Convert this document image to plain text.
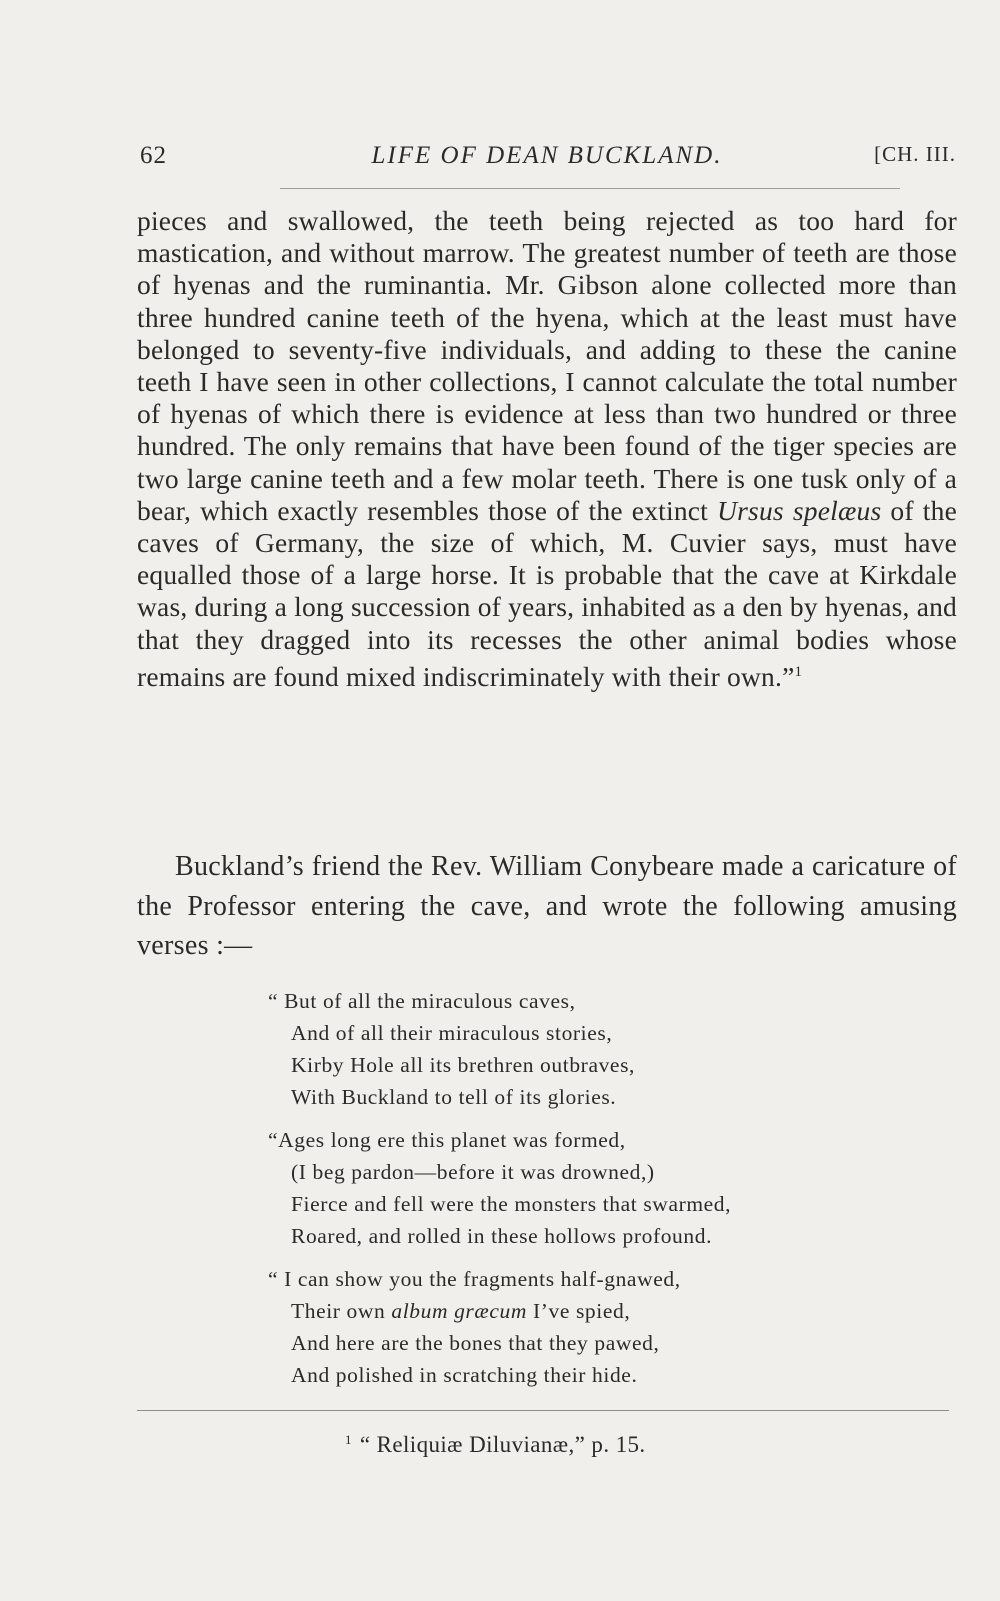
62	LIFE OF DEAN BUCKLAND.	[CH. III.

pieces and swallowed, the teeth being rejected as too hard for mastication, and without marrow. The greatest number of teeth are those of hyenas and the ruminantia. Mr. Gibson alone collected more than three hundred canine teeth of the hyena, which at the least must have belonged to seventy-five individuals, and adding to these the canine teeth I have seen in other collections, I cannot calculate the total number of hyenas of which there is evidence at less than two hundred or three hundred. The only remains that have been found of the tiger species are two large canine teeth and a few molar teeth. There is one tusk only of a bear, which exactly resembles those of the extinct Ursus spelæus of the caves of Germany, the size of which, M. Cuvier says, must have equalled those of a large horse. It is probable that the cave at Kirkdale was, during a long succession of years, inhabited as a den by hyenas, and that they dragged into its recesses the other animal bodies whose remains are found mixed indiscriminately with their own.”$^1$

Buckland’s friend the Rev. William Conybeare made a caricature of the Professor entering the cave, and wrote the following amusing verses :—

“ But of all the miraculous caves,
And of all their miraculous stories,
Kirby Hole all its brethren outbraves,
With Buckland to tell of its glories.
“Ages long ere this planet was formed,
(I beg pardon—before it was drowned,)
Fierce and fell were the monsters that swarmed,
Roared, and rolled in these hollows profound.
“ I can show you the fragments half-gnawed,
Their own album græcum I’ve spied,
And here are the bones that they pawed,
And polished in scratching their hide.
$^1$ “ Reliquiæ Diluvianæ,” p. 15.
